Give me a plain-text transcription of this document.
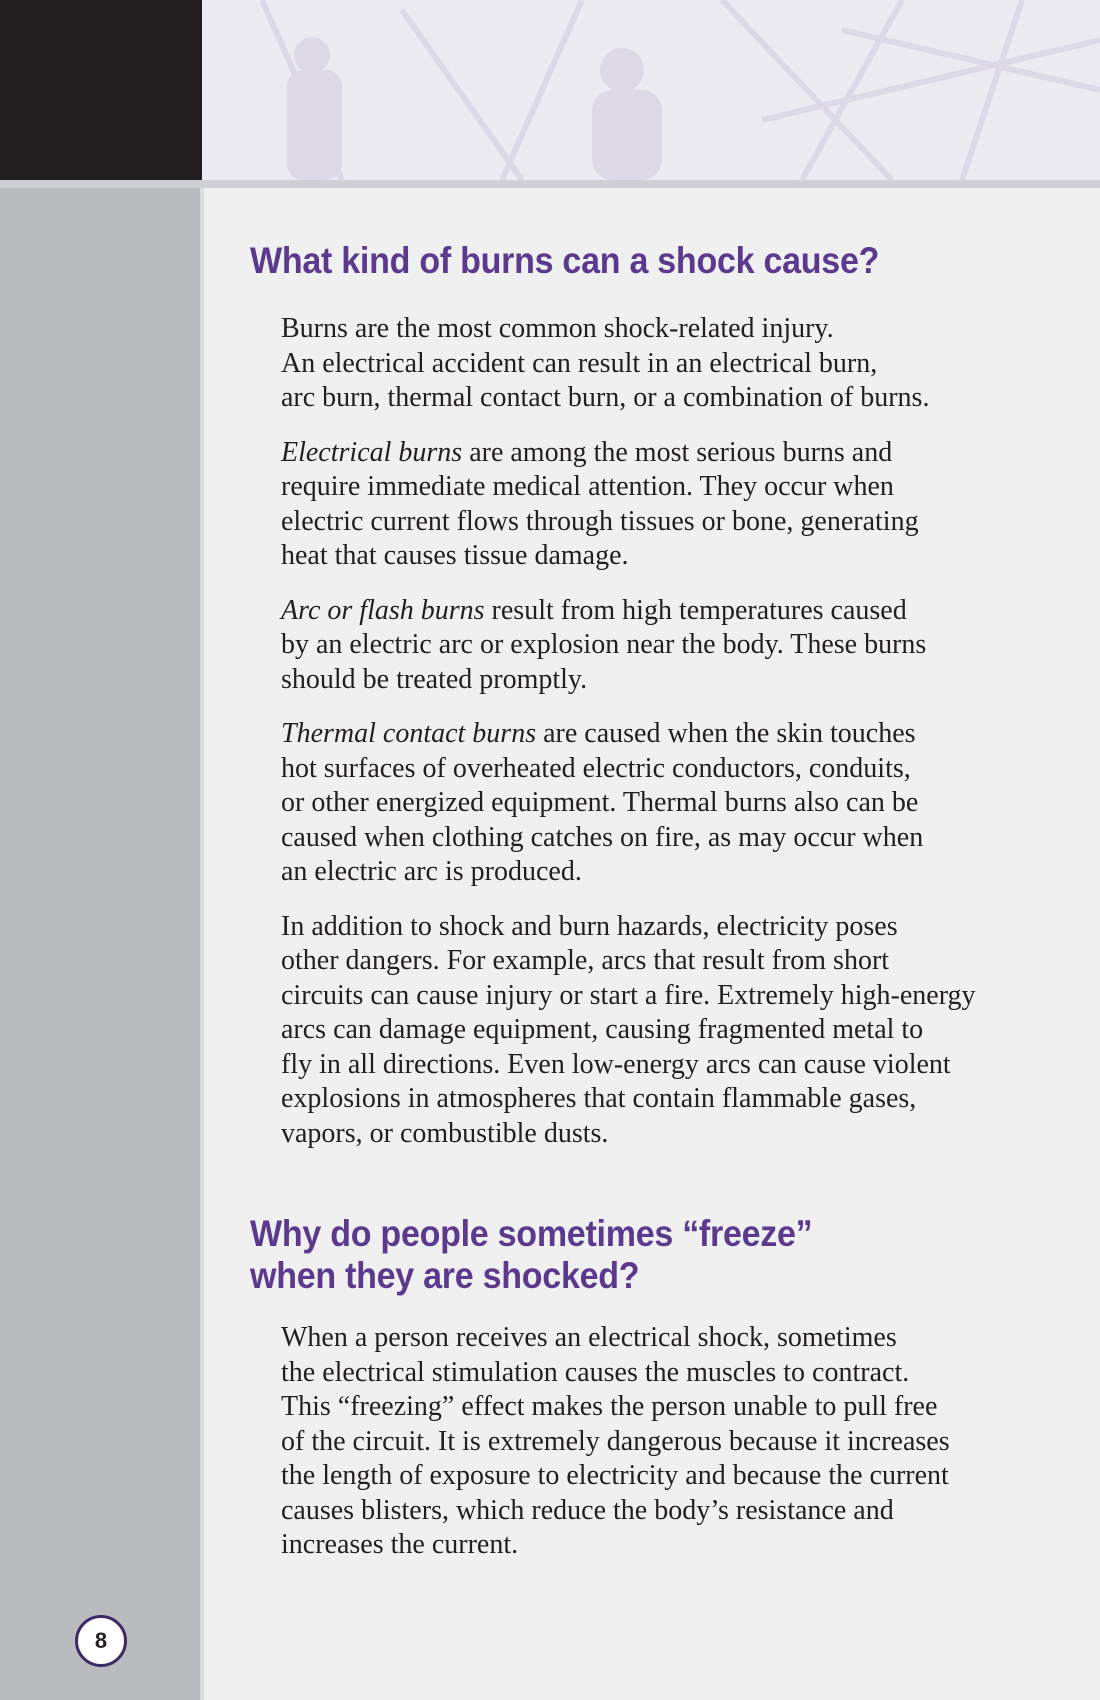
8
What kind of burns can a shock cause?

Burns are the most common shock-related injury.
An electrical accident can result in an electrical burn,
arc burn, thermal contact burn, or a combination of burns.

Electrical burns are among the most serious burns and
require immediate medical attention. They occur when
electric current flows through tissues or bone, generating
heat that causes tissue damage.

Arc or flash burns result from high temperatures caused
by an electric arc or explosion near the body. These burns
should be treated promptly.

Thermal contact burns are caused when the skin touches
hot surfaces of overheated electric conductors, conduits,
or other energized equipment. Thermal burns also can be
caused when clothing catches on fire, as may occur when
an electric arc is produced.

In addition to shock and burn hazards, electricity poses
other dangers. For example, arcs that result from short
circuits can cause injury or start a fire. Extremely high-energy
arcs can damage equipment, causing fragmented metal to
fly in all directions. Even low-energy arcs can cause violent
explosions in atmospheres that contain flammable gases,
vapors, or combustible dusts.

Why do people sometimes “freeze”
when they are shocked?

When a person receives an electrical shock, sometimes
the electrical stimulation causes the muscles to contract.
This “freezing” effect makes the person unable to pull free
of the circuit. It is extremely dangerous because it increases
the length of exposure to electricity and because the current
causes blisters, which reduce the body’s resistance and
increases the current.
